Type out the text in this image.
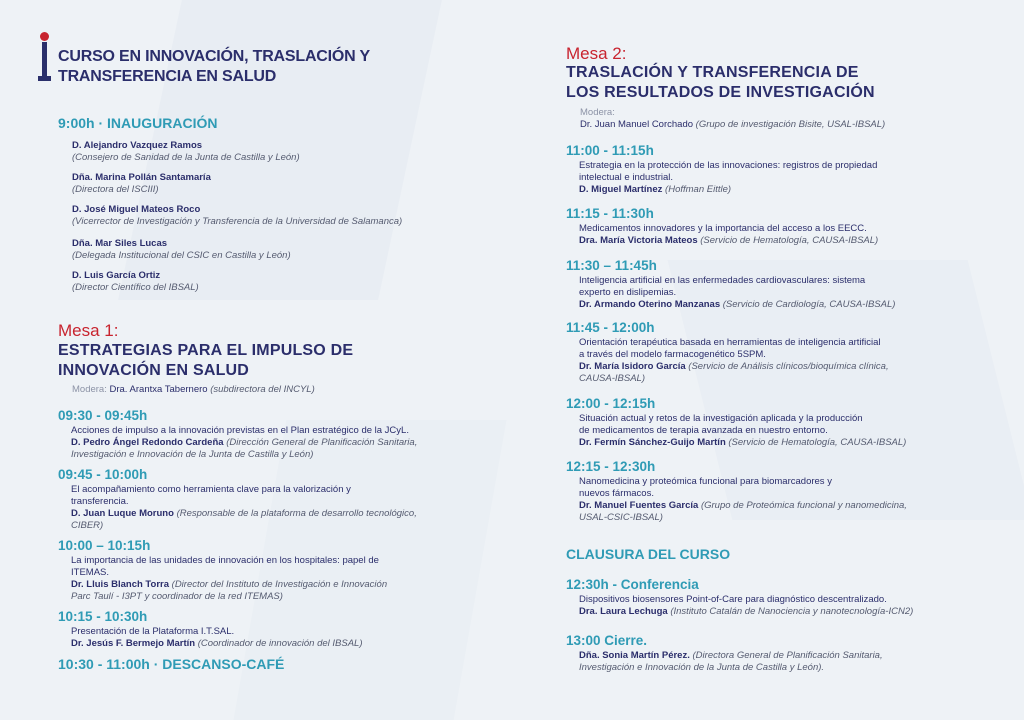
CURSO EN INNOVACIÓN, TRASLACIÓN Y
TRANSFERENCIA EN SALUD
9:00h · INAUGURACIÓN
D. Alejandro Vazquez Ramos
(Consejero de Sanidad de la Junta de Castilla y León)
Dña. Marina Pollán Santamaría
(Directora del ISCIII)
D. José Miguel Mateos Roco
(Vicerrector de Investigación y Transferencia de la Universidad de Salamanca)
Dña. Mar Siles Lucas
(Delegada Institucional del CSIC en Castilla y León)
D. Luis García Ortiz
(Director Científico del IBSAL)
Mesa 1:
ESTRATEGIAS PARA EL IMPULSO DE
INNOVACIÓN EN SALUD
Modera: Dra. Arantxa Tabernero (subdirectora del INCYL)
09:30 - 09:45h
Acciones de impulso a la innovación previstas en el Plan estratégico de la JCyL.
D. Pedro Ángel Redondo Cardeña (Dirección General de Planificación Sanitaria,
Investigación e Innovación de la Junta de Castilla y León)
09:45 - 10:00h
El acompañamiento como herramienta clave para la valorización y
transferencia.
D. Juan Luque Moruno (Responsable de la plataforma de desarrollo tecnológico,
CIBER)
10:00 – 10:15h
La importancia de las unidades de innovación en los hospitales: papel de
ITEMAS.
Dr. Lluis Blanch Torra (Director del Instituto de Investigación e Innovación
Parc Taulí - I3PT y coordinador de la red ITEMAS)
10:15 - 10:30h
Presentación de la Plataforma I.T.SAL.
Dr. Jesús F. Bermejo Martín (Coordinador de innovación del IBSAL)
10:30 - 11:00h · DESCANSO-CAFÉ
Mesa 2:
TRASLACIÓN Y TRANSFERENCIA DE
LOS RESULTADOS DE INVESTIGACIÓN
Modera:
Dr. Juan Manuel Corchado (Grupo de investigación Bisite, USAL-IBSAL)
11:00 - 11:15h
Estrategia en la protección de las innovaciones: registros de propiedad
intelectual e industrial.
D. Miguel Martínez (Hoffman Eittle)
11:15 - 11:30h
Medicamentos innovadores y la importancia del acceso a los EECC.
Dra. María Victoria Mateos (Servicio de Hematología, CAUSA-IBSAL)
11:30 – 11:45h
Inteligencia artificial en las enfermedades cardiovasculares: sistema
experto en dislipemias.
Dr. Armando Oterino Manzanas (Servicio de Cardiología, CAUSA-IBSAL)
11:45 - 12:00h
Orientación terapéutica basada en herramientas de inteligencia artificial
a través del modelo farmacogenético 5SPM.
Dr. María Isidoro García (Servicio de Análisis clínicos/bioquímica clínica,
CAUSA-IBSAL)
12:00 - 12:15h
Situación actual y retos de la investigación aplicada y la producción
de medicamentos de terapia avanzada en nuestro entorno.
Dr. Fermín Sánchez-Guijo Martín (Servicio de Hematología, CAUSA-IBSAL)
12:15 - 12:30h
Nanomedicina y proteómica funcional para biomarcadores y
nuevos fármacos.
Dr. Manuel Fuentes García (Grupo de Proteómica funcional y nanomedicina,
USAL-CSIC-IBSAL)
CLAUSURA DEL CURSO
12:30h - Conferencia
Dispositivos biosensores Point-of-Care para diagnóstico descentralizado.
Dra. Laura Lechuga (Instituto Catalán de Nanociencia y nanotecnología-ICN2)
13:00 Cierre.
Dña. Sonia Martín Pérez. (Directora General de Planificación Sanitaria,
Investigación e Innovación de la Junta de Castilla y León).
